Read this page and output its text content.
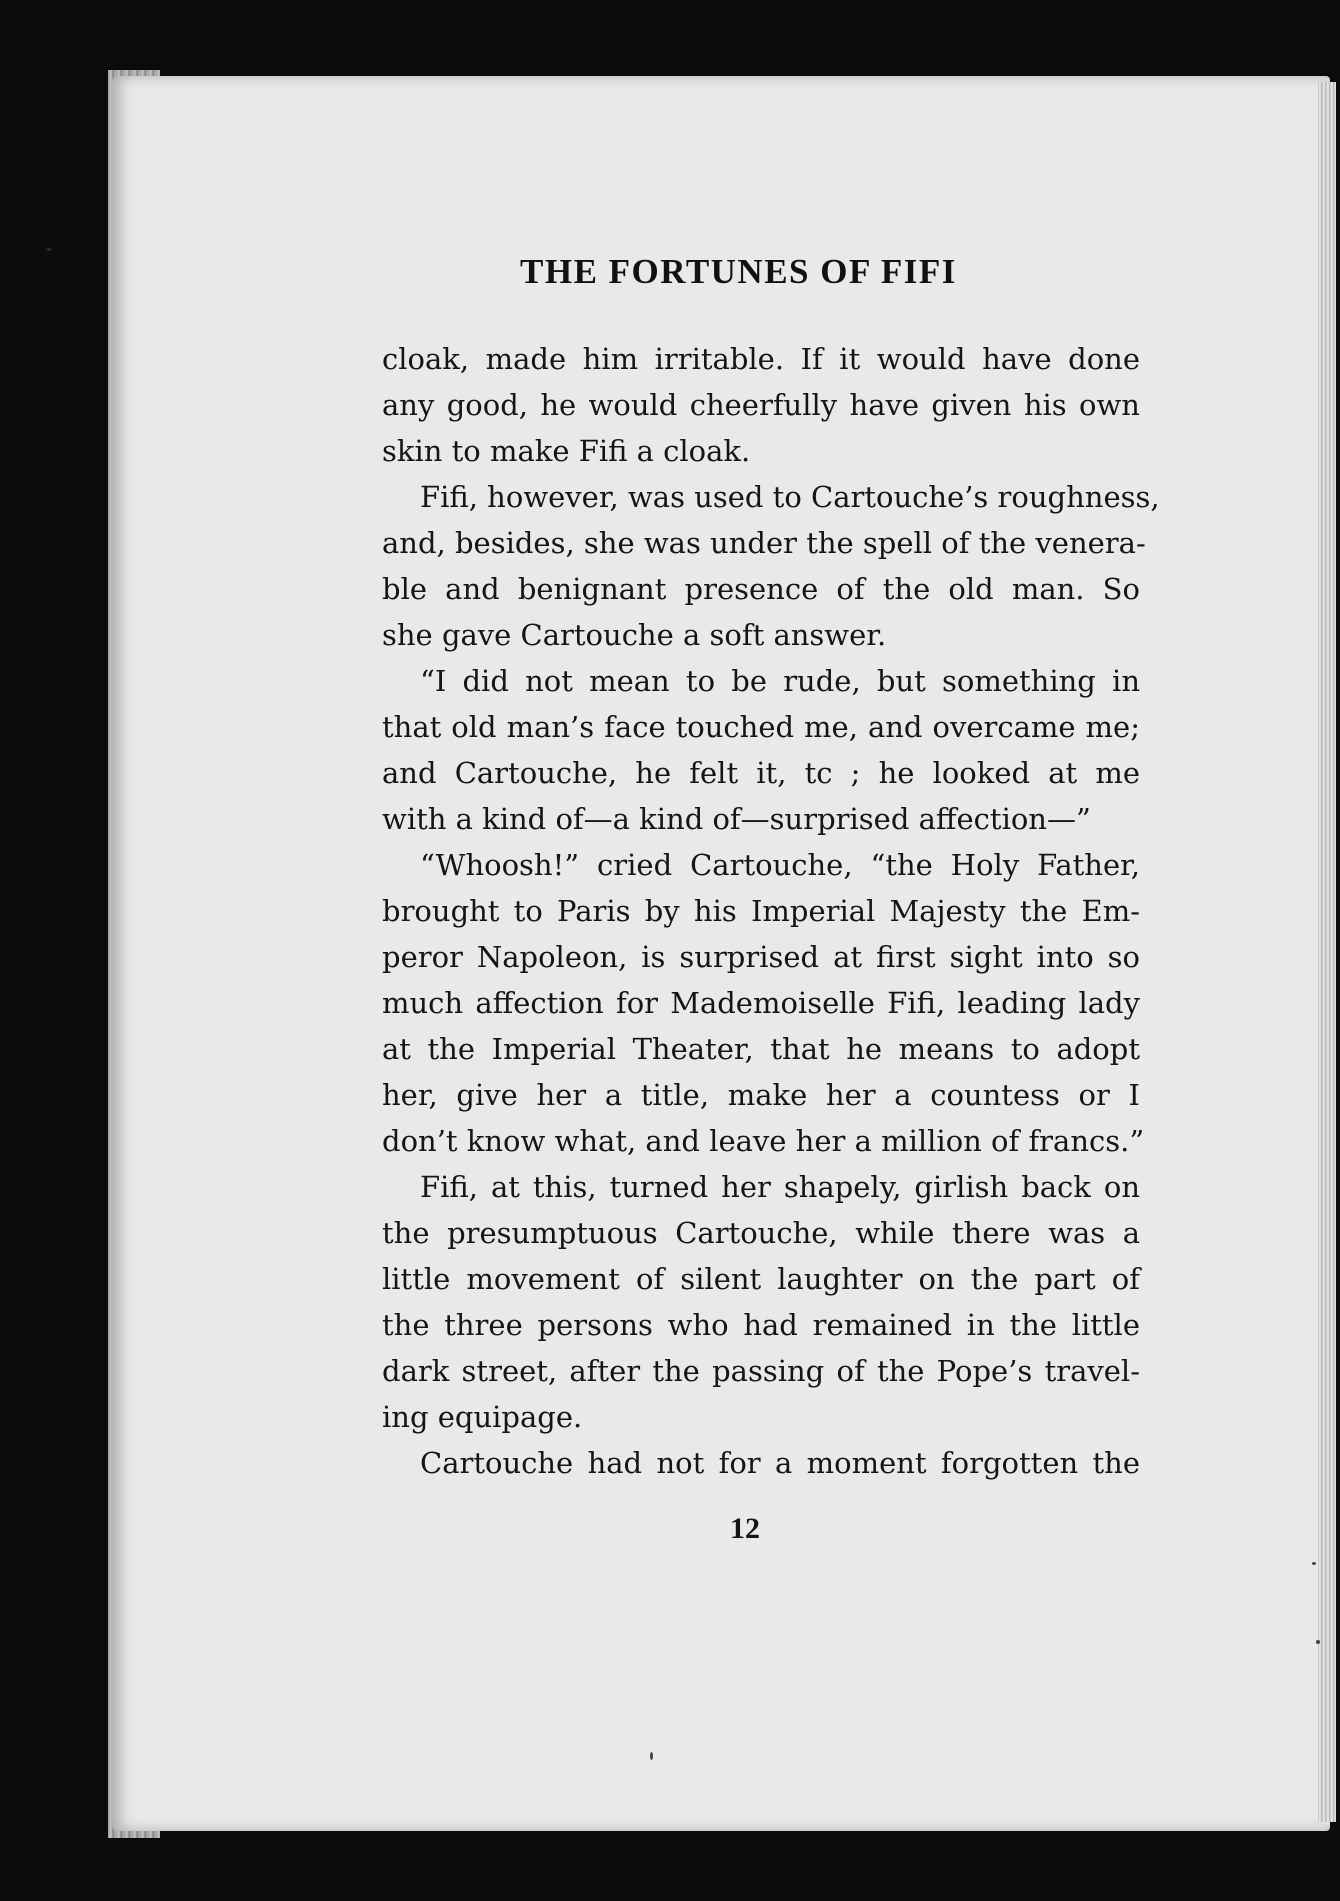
THE FORTUNES OF FIFI
cloak, made him irritable. If it would have done
any good, he would cheerfully have given his own
skin to make Fifi a cloak.
Fifi, however, was used to Cartouche’s roughness,
and, besides, she was under the spell of the venera-
ble and benignant presence of the old man. So
she gave Cartouche a soft answer.
“I did not mean to be rude, but something in
that old man’s face touched me, and overcame me;
and Cartouche, he felt it, tc ; he looked at me
with a kind of—a kind of—surprised affection—”
“Whoosh!” cried Cartouche, “the Holy Father,
brought to Paris by his Imperial Majesty the Em-
peror Napoleon, is surprised at first sight into so
much affection for Mademoiselle Fifi, leading lady
at the Imperial Theater, that he means to adopt
her, give her a title, make her a countess or I
don’t know what, and leave her a million of francs.”
Fifi, at this, turned her shapely, girlish back on
the presumptuous Cartouche, while there was a
little movement of silent laughter on the part of
the three persons who had remained in the little
dark street, after the passing of the Pope’s travel-
ing equipage.
Cartouche had not for a moment forgotten the
12
